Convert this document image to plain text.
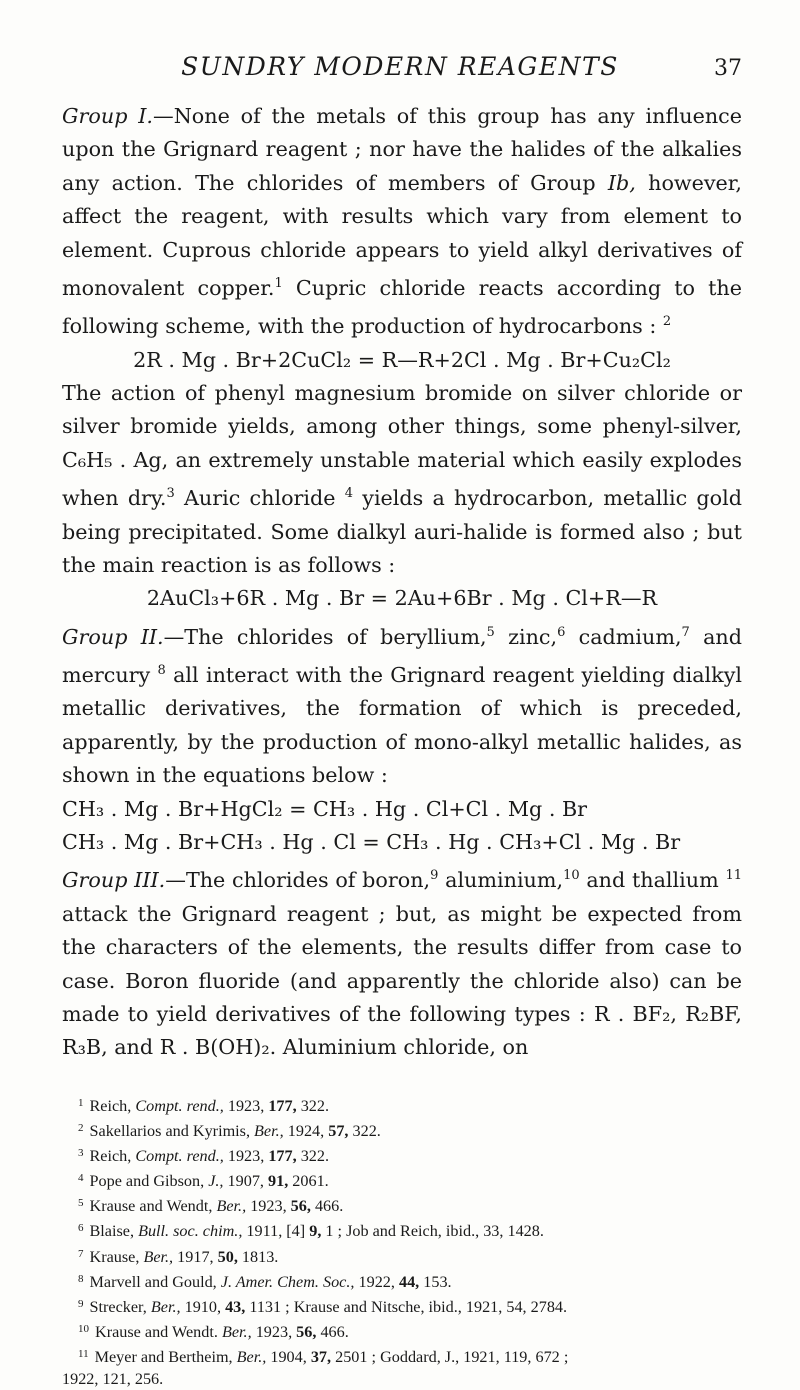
SUNDRY MODERN REAGENTS	37

Group I.—None of the metals of this group has any influence upon the Grignard reagent ; nor have the halides of the alkalies any action. The chlorides of members of Group Ib, however, affect the reagent, with results which vary from element to element. Cuprous chloride appears to yield alkyl derivatives of monovalent copper.$^1$ Cupric chloride reacts according to the following scheme, with the production of hydrocarbons : $^2$

2R . Mg . Br+2CuCl₂ = R—R+2Cl . Mg . Br+Cu₂Cl₂

The action of phenyl magnesium bromide on silver chloride or silver bromide yields, among other things, some phenyl-silver, C₆H₅ . Ag, an extremely unstable material which easily explodes when dry.$^3$ Auric chloride $^4$ yields a hydrocarbon, metallic gold being precipitated. Some dialkyl auri-halide is formed also ; but the main reaction is as follows :

2AuCl₃+6R . Mg . Br = 2Au+6Br . Mg . Cl+R—R

Group II.—The chlorides of beryllium,$^5$ zinc,$^6$ cadmium,$^7$ and mercury $^8$ all interact with the Grignard reagent yielding dialkyl metallic derivatives, the formation of which is preceded, apparently, by the production of mono-alkyl metallic halides, as shown in the equations below :

CH₃ . Mg . Br+HgCl₂ = CH₃ . Hg . Cl+Cl . Mg . Br

CH₃ . Mg . Br+CH₃ . Hg . Cl = CH₃ . Hg . CH₃+Cl . Mg . Br

Group III.—The chlorides of boron,$^9$ aluminium,$^{10}$ and thallium $^{11}$ attack the Grignard reagent ; but, as might be expected from the characters of the elements, the results differ from case to case. Boron fluoride (and apparently the chloride also) can be made to yield derivatives of the following types : R . BF₂, R₂BF, R₃B, and R . B(OH)₂. Aluminium chloride, on

$^1$ Reich, Compt. rend., 1923, 177, 322.

$^2$ Sakellarios and Kyrimis, Ber., 1924, 57, 322.

$^3$ Reich, Compt. rend., 1923, 177, 322.

$^4$ Pope and Gibson, J., 1907, 91, 2061.

$^5$ Krause and Wendt, Ber., 1923, 56, 466.

$^6$ Blaise, Bull. soc. chim., 1911, [4] 9, 1 ; Job and Reich, ibid., 33, 1428.

$^7$ Krause, Ber., 1917, 50, 1813.

$^8$ Marvell and Gould, J. Amer. Chem. Soc., 1922, 44, 153.

$^9$ Strecker, Ber., 1910, 43, 1131 ; Krause and Nitsche, ibid., 1921, 54, 2784.

$^{10}$ Krause and Wendt. Ber., 1923, 56, 466.

$^{11}$ Meyer and Bertheim, Ber., 1904, 37, 2501 ; Goddard, J., 1921, 119, 672 ;

1922, 121, 256.
